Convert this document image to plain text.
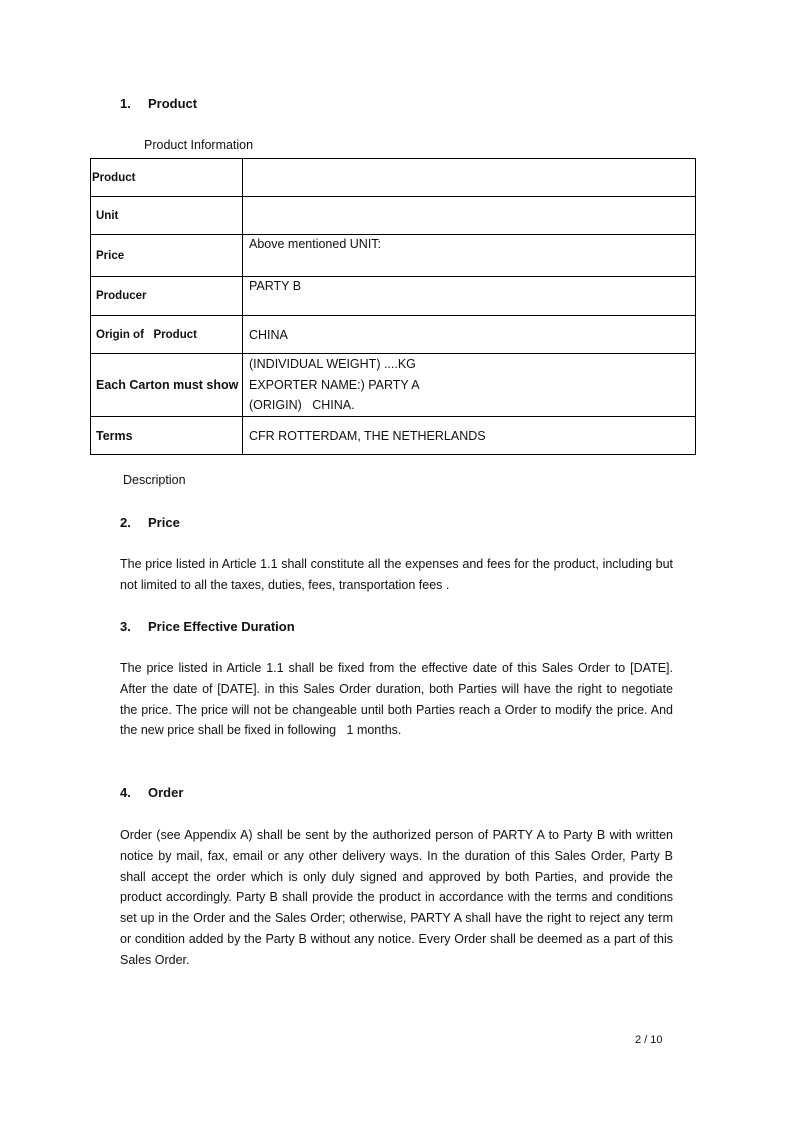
1. Product
Product Information
Product	
Unit	
Price	Above mentioned UNIT:
Producer	PARTY B
Origin of   Product	CHINA
Each Carton must show	(INDIVIDUAL WEIGHT) ....KG
EXPORTER NAME:) PARTY A
(ORIGIN)   CHINA.

Terms	CFR ROTTERDAM, THE NETHERLANDS
Description
2. Price

The price listed in Article 1.1 shall constitute all the expenses and fees for the product, including but not limited to all the taxes, duties, fees, transportation fees .

3. Price Effective Duration

The price listed in Article 1.1 shall be fixed from the effective date of this Sales Order to [DATE]. After the date of [DATE]. in this Sales Order duration, both Parties will have the right to negotiate the price. The price will not be changeable until both Parties reach a Order to modify the price. And the new price shall be fixed in following   1 months.

4. Order

Order (see Appendix A) shall be sent by the authorized person of PARTY A to Party B with written notice by mail, fax, email or any other delivery ways. In the duration of this Sales Order, Party B shall accept the order which is only duly signed and approved by both Parties, and provide the product accordingly. Party B shall provide the product in accordance with the terms and conditions set up in the Order and the Sales Order; otherwise, PARTY A shall have the right to reject any term or condition added by the Party B without any notice. Every Order shall be deemed as a part of this Sales Order.

2 / 10
